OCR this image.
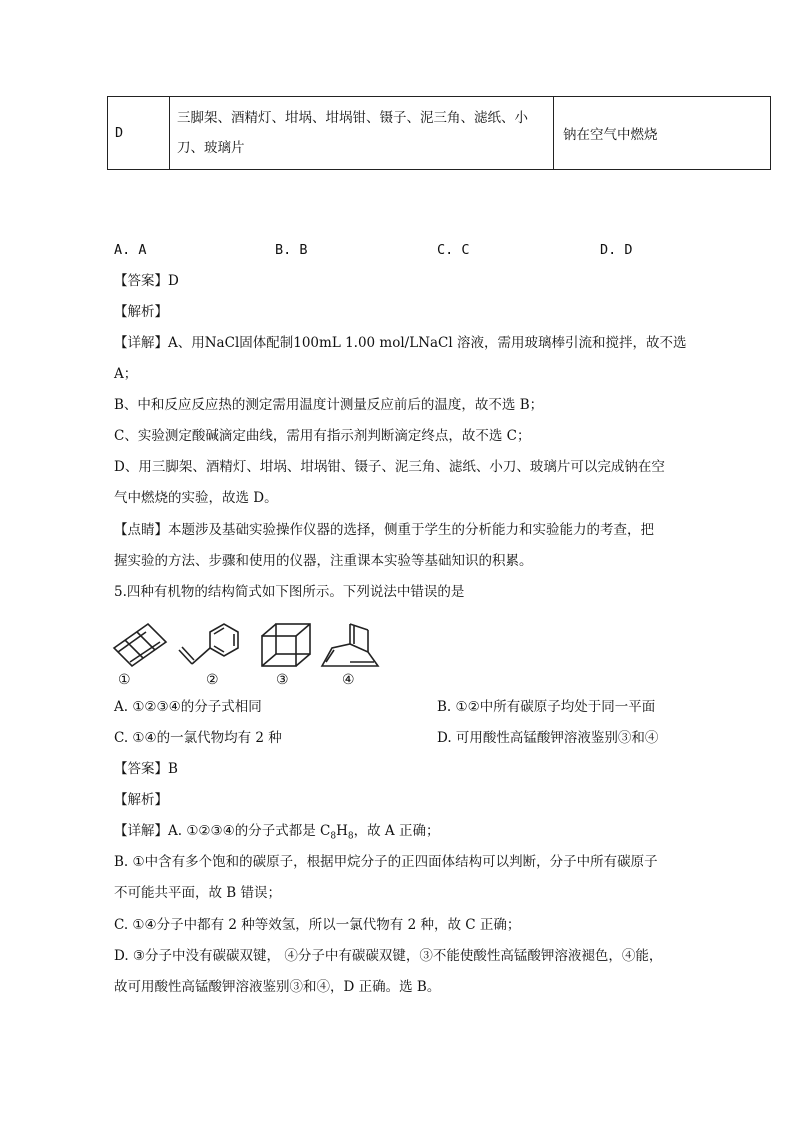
D	三脚架、酒精灯、坩埚、坩埚钳、镊子、泥三角、滤纸、小刀、玻璃片	钠在空气中燃烧
A. A	B. B	C. C	D. D
【答案】D
【解析】
【详解】A、用NaCl固体配制100mL 1.00 mol/LNaCl 溶液，需用玻璃棒引流和搅拌，故不选
A；
B、中和反应反应热的测定需用温度计测量反应前后的温度，故不选 B；
C、实验测定酸碱滴定曲线，需用有指示剂判断滴定终点，故不选 C；
D、用三脚架、酒精灯、坩埚、坩埚钳、镊子、泥三角、滤纸、小刀、玻璃片可以完成钠在空
气中燃烧的实验，故选 D。
【点睛】本题涉及基础实验操作仪器的选择，侧重于学生的分析能力和实验能力的考查，把
握实验的方法、步骤和使用的仪器，注重课本实验等基础知识的积累。
5.四种有机物的结构简式如下图所示。下列说法中错误的是
①	②	③	④
A. ①②③④的分子式相同	B. ①②中所有碳原子均处于同一平面
C. ①④的一氯代物均有 2 种	D. 可用酸性高锰酸钾溶液鉴别③和④
【答案】B
【解析】
【详解】A. ①②③④的分子式都是 $C_8H_8$，故 A 正确；
B. ①中含有多个饱和的碳原子，根据甲烷分子的正四面体结构可以判断，分子中所有碳原子
不可能共平面，故 B 错误；
C. ①④分子中都有 2 种等效氢，所以一氯代物有 2 种，故 C 正确；
D. ③分子中没有碳碳双键， ④分子中有碳碳双键，③不能使酸性高锰酸钾溶液褪色，④能，
故可用酸性高锰酸钾溶液鉴别③和④，D 正确。选 B。
